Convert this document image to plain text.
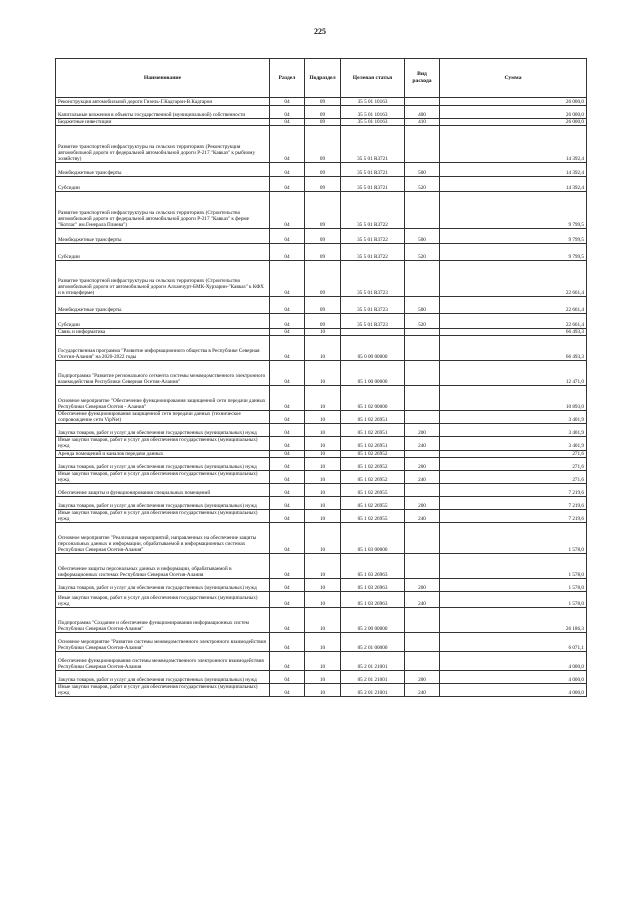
225
Наименование	Раздел	Подраздел	Целевая статья	Вид расхода	Сумма
Реконструкция автомобильной дороги Гизель-Г.Кадгарон-В.Кадгарон	04	09	35 5 01 10163		26 000,0
Капитальные вложения в объекты государственной (муниципальной) собственности	04	09	35 5 01 10163	400	26 000,0
Бюджетные инвестиции	04	09	35 5 01 10163	410	26 000,0
Развитие транспортной инфраструктуры на сельских территориях (Реконструкция автомобильной дороги от федеральной автомобильной дороги Р-217 "Кавказ" к рыбному хозяйству)	04	09	35 5 01 R3721		14 392,4
Межбюджетные трансферты	04	09	35 5 01 R3721	500	14 392,4
Субсидии	04	09	35 5 01 R3721	520	14 392,4
Развитие транспортной инфраструктуры на сельских территориях (Строительство автомобильной дороги от федеральной автомобильной дороги Р-217 "Кавказ" к ферме "Котлас" им.Генерала Плиева")	04	09	35 5 01 R3722		9 799,5
Межбюджетные трансферты	04	09	35 5 01 R3722	500	9 799,5
Субсидии	04	09	35 5 01 R3722	520	9 799,5
Развитие транспортной инфраструктуры на сельских территориях (Строительство автомобильной дороги от автомобильной дороги Алханчурт-БМК-Хурзарин-"Кавказ" к КФХ и в птицеферме)	04	09	35 5 01 R3723		22 661,4
Межбюджетные трансферты	04	09	35 5 01 R3723	500	22 661,4
Субсидии	04	09	35 5 01 R3723	520	22 661,4
Связь и информатика	04	10			66 493,3
Государственная программа "Развитие информационного общества в Республике Северная Осетия-Алания" на 2020-2022 годы	04	10	05 0 00 00000		66 493,3
Подпрограмма "Развитие регионального сегмента системы межведомственного электронного взаимодействия Республики Северная Осетия-Алания"	04	10	05 1 00 00000		12 471,0
Основное мероприятие "Обеспечение функционирования защищенной сети передачи данных Республики Северная Осетия - Алания"	04	10	05 1 02 00000		10 893,0
Обеспечение функционирования защищенной сети передачи данных (техническое сопровождение сети VipNet)	04	10	05 1 02 26951		3 401,9
Закупка товаров, работ и услуг для обеспечения государственных (муниципальных) нужд	04	10	05 1 02 26951	200	3 401,9
Иные закупки товаров, работ и услуг для обеспечения государственных (муниципальных) нужд	04	10	05 1 02 26951	240	3 401,9
Аренда помещений и каналов передачи данных	04	10	05 1 02 26952		271,6
Закупка товаров, работ и услуг для обеспечения государственных (муниципальных) нужд	04	10	05 1 02 26952	200	271,6
Иные закупки товаров, работ и услуг для обеспечения государственных (муниципальных) нужд	04	10	05 1 02 26952	240	271,6
Обеспечение защиты и функционирования специальных помещений	04	10	05 1 02 26955		7 219,6
Закупка товаров, работ и услуг для обеспечения государственных (муниципальных) нужд	04	10	05 1 02 26955	200	7 219,6
Иные закупки товаров, работ и услуг для обеспечения государственных (муниципальных) нужд	04	10	05 1 02 26955	240	7 219,6
Основное мероприятие "Реализация мероприятий, направленных на обеспечение защиты персональных данных и информации, обрабатываемой в информационных системах Республики Северная Осетия-Алания"	04	10	05 1 03 00000		1 578,0
Обеспечение защиты персональных данных и информации, обрабатываемой в информационных системах Республики Северная Осетия-Алания	04	10	05 1 03 26963		1 578,0
Закупка товаров, работ и услуг для обеспечения государственных (муниципальных) нужд	04	10	05 1 03 26963	200	1 578,0
Иные закупки товаров, работ и услуг для обеспечения государственных (муниципальных) нужд	04	10	05 1 03 26963	240	1 578,0
Подпрограмма "Создание и обеспечение функционирования информационных систем Республики Северная Осетия-Алания"	04	10	05 2 00 00000		26 186,3
Основное мероприятие "Развитие системы межведомственного электронного взаимодействия Республики Северная Осетия-Алания"	04	10	05 2 01 00000		6 071,1
Обеспечение функционирования системы межведомственного электронного взаимодействия Республики Северная Осетия-Алания	04	10	05 2 01 21001		4 000,0
Закупка товаров, работ и услуг для обеспечения государственных (муниципальных) нужд	04	10	05 2 01 21001	200	4 000,0
Иные закупки товаров, работ и услуг для обеспечения государственных (муниципальных) нужд	04	10	05 2 01 21001	240	4 000,0
